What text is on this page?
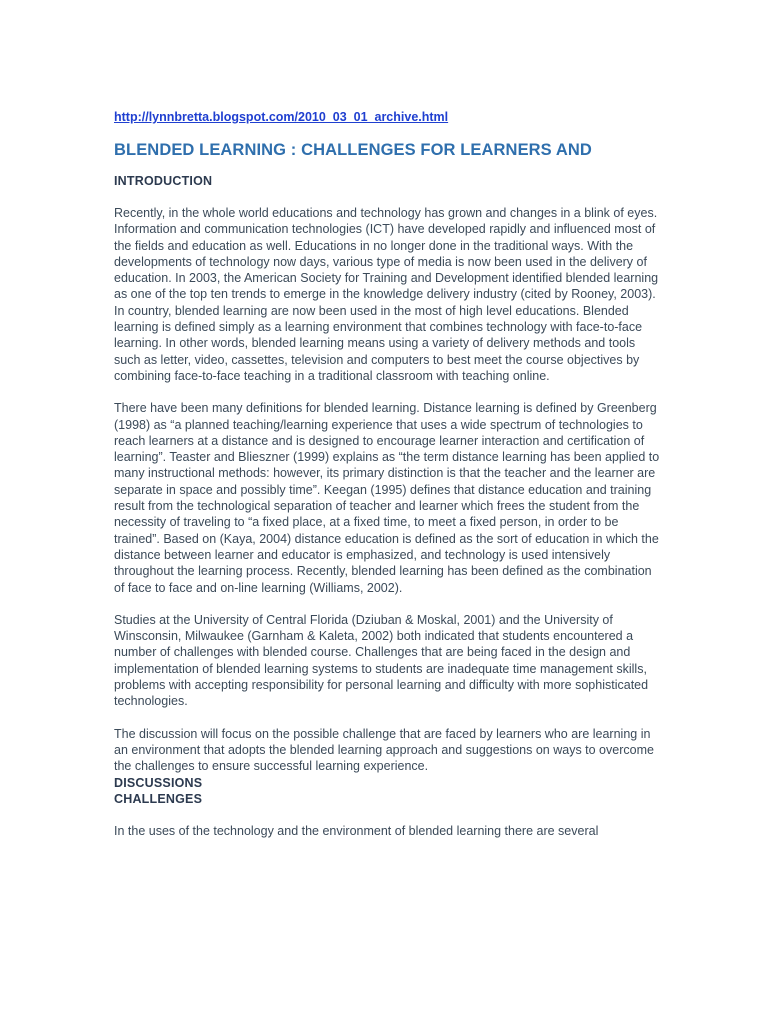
http://lynnbretta.blogspot.com/2010_03_01_archive.html
BLENDED LEARNING : CHALLENGES FOR LEARNERS AND
INTRODUCTION

Recently, in the whole world educations and technology has grown and changes in a blink of eyes. Information and communication technologies (ICT) have developed rapidly and influenced most of the fields and education as well. Educations in no longer done in the traditional ways. With the developments of technology now days, various type of media is now been used in the delivery of education. In 2003, the American Society for Training and Development identified blended learning as one of the top ten trends to emerge in the knowledge delivery industry (cited by Rooney, 2003). In country, blended learning are now been used in the most of high level educations. Blended learning is defined simply as a learning environment that combines technology with face-to-face learning. In other words, blended learning means using a variety of delivery methods and tools such as letter, video, cassettes, television and computers to best meet the course objectives by combining face-to-face teaching in a traditional classroom with teaching online.

There have been many definitions for blended learning. Distance learning is defined by Greenberg (1998) as “a planned teaching/learning experience that uses a wide spectrum of technologies to reach learners at a distance and is designed to encourage learner interaction and certification of learning”. Teaster and Blieszner (1999) explains as “the term distance learning has been applied to many instructional methods: however, its primary distinction is that the teacher and the learner are separate in space and possibly time”. Keegan (1995) defines that distance education and training result from the technological separation of teacher and learner which frees the student from the necessity of traveling to “a fixed place, at a fixed time, to meet a fixed person, in order to be trained”. Based on (Kaya, 2004) distance education is defined as the sort of education in which the distance between learner and educator is emphasized, and technology is used intensively throughout the learning process. Recently, blended learning has been defined as the combination of face to face and on-line learning (Williams, 2002).

Studies at the University of Central Florida (Dziuban & Moskal, 2001) and the University of Winsconsin, Milwaukee (Garnham & Kaleta, 2002) both indicated that students encountered a number of challenges with blended course. Challenges that are being faced in the design and implementation of blended learning systems to students are inadequate time management skills, problems with accepting responsibility for personal learning and difficulty with more sophisticated technologies.

The discussion will focus on the possible challenge that are faced by learners who are learning in an environment that adopts the blended learning approach and suggestions on ways to overcome the challenges to ensure successful learning experience.

DISCUSSIONS
CHALLENGES

In the uses of the technology and the environment of blended learning there are several
